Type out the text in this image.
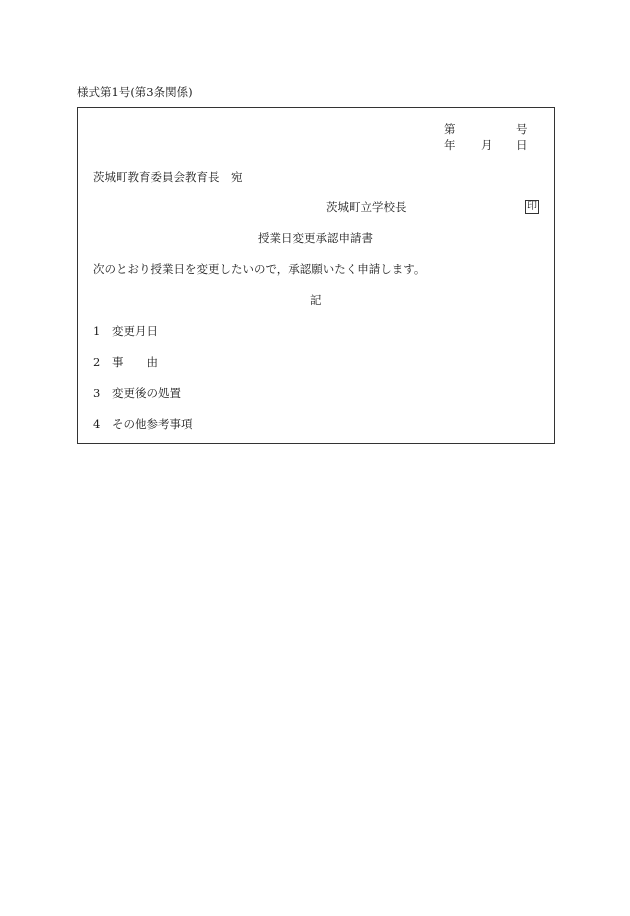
様式第1号(第3条関係)
第	号
年 月 日
茨城町教育委員会教育長　宛
茨城町立学校長	印
授業日変更承認申請書
次のとおり授業日を変更したいので，承認願いたく申請します。
記
1 変更月日
2 事　　由
3 変更後の処置
4 その他参考事項
